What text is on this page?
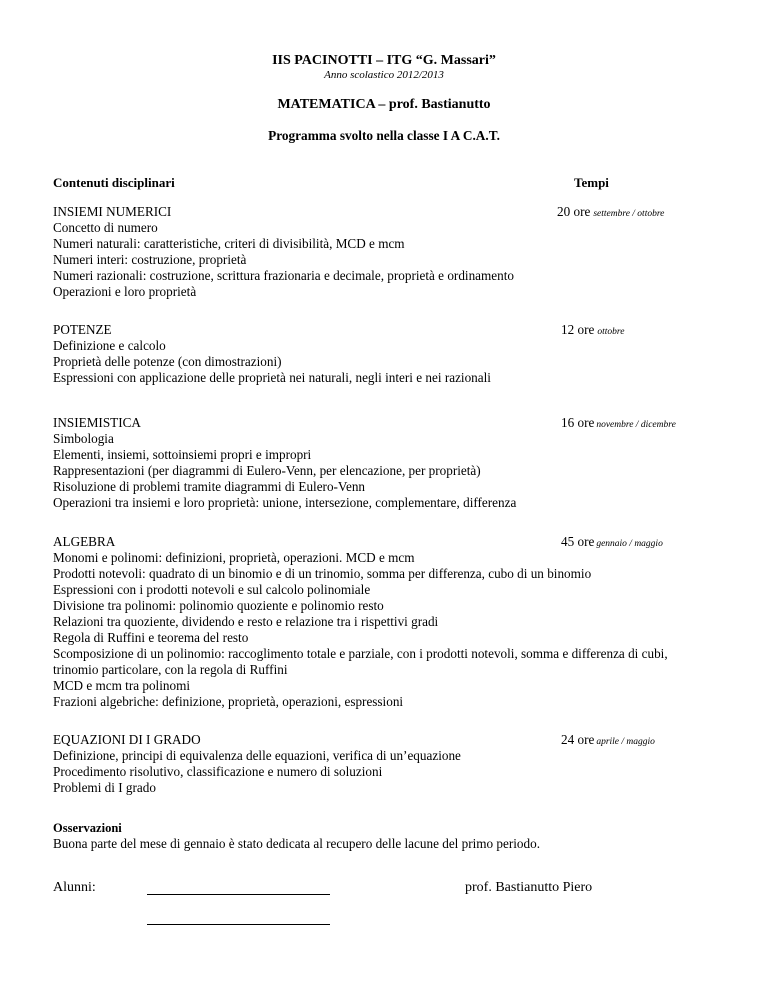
IIS PACINOTTI – ITG “G. Massari”
Anno scolastico 2012/2013
MATEMATICA – prof. Bastianutto
Programma svolto nella classe I A C.A.T.
Contenuti disciplinari	Tempi
INSIEMI NUMERICI
Concetto di numero
Numeri naturali: caratteristiche, criteri di divisibilità, MCD e mcm
Numeri interi: costruzione, proprietà
Numeri razionali: costruzione, scrittura frazionaria e decimale, proprietà e ordinamento
Operazioni e loro proprietà
20 ore settembre / ottobre
POTENZE
Definizione e calcolo
Proprietà delle potenze (con dimostrazioni)
Espressioni con applicazione delle proprietà nei naturali, negli interi e nei razionali
12 ore ottobre
INSIEMISTICA
Simbologia
Elementi, insiemi, sottoinsiemi propri e impropri
Rappresentazioni (per diagrammi di Eulero-Venn, per elencazione, per proprietà)
Risoluzione di problemi tramite diagrammi di Eulero-Venn
Operazioni tra insiemi e loro proprietà: unione, intersezione, complementare, differenza
16 ore novembre / dicembre
ALGEBRA
Monomi e polinomi: definizioni, proprietà, operazioni. MCD e mcm
Prodotti notevoli: quadrato di un binomio e di un trinomio, somma per differenza, cubo di un binomio
Espressioni con i prodotti notevoli e sul calcolo polinomiale
Divisione tra polinomi: polinomio quoziente e polinomio resto
Relazioni tra quoziente, dividendo e resto e relazione tra i rispettivi gradi
Regola di Ruffini e teorema del resto
Scomposizione di un polinomio: raccoglimento totale e parziale, con i prodotti notevoli, somma e differenza di cubi,
trinomio particolare, con la regola di Ruffini
MCD e mcm tra polinomi
Frazioni algebriche: definizione, proprietà, operazioni, espressioni
45 ore gennaio / maggio
EQUAZIONI DI I GRADO
Definizione, principi di equivalenza delle equazioni, verifica di un’equazione
Procedimento risolutivo, classificazione e numero di soluzioni
Problemi di I grado
24 ore aprile / maggio
Osservazioni
Buona parte del mese di gennaio è stato dedicata al recupero delle lacune del primo periodo.
Alunni:	prof. Bastianutto Piero
